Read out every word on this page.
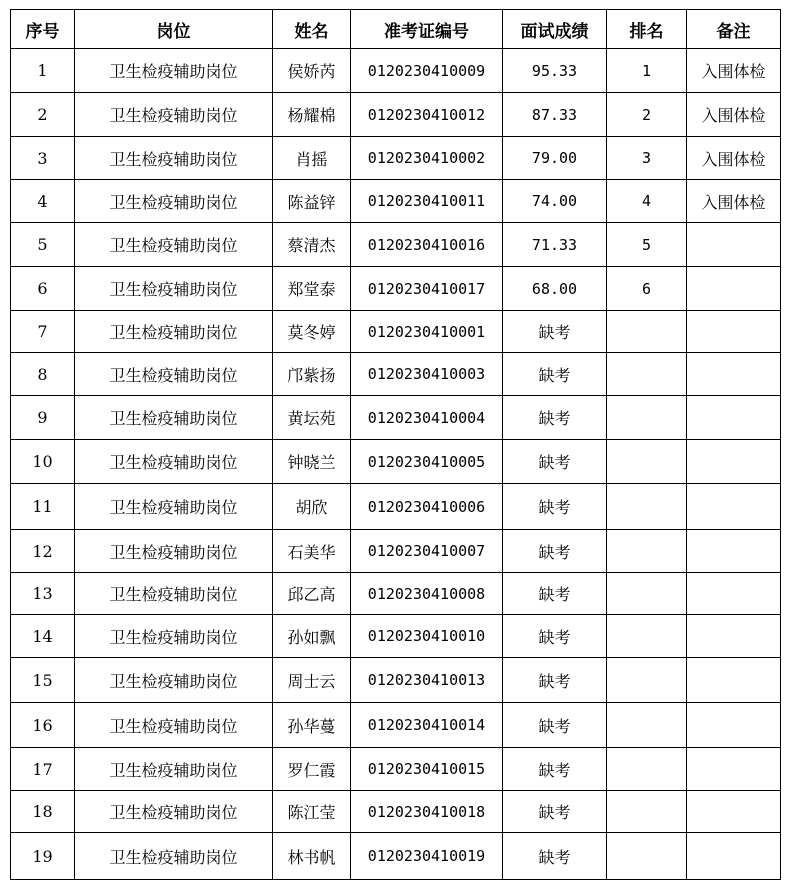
序号	岗位	姓名	准考证编号	面试成绩	排名	备注
1	卫生检疫辅助岗位	侯娇芮	0120230410009	95.33	1	入围体检
2	卫生检疫辅助岗位	杨耀棉	0120230410012	87.33	2	入围体检
3	卫生检疫辅助岗位	肖摇	0120230410002	79.00	3	入围体检
4	卫生检疫辅助岗位	陈益锌	0120230410011	74.00	4	入围体检
5	卫生检疫辅助岗位	蔡清杰	0120230410016	71.33	5	
6	卫生检疫辅助岗位	郑堂泰	0120230410017	68.00	6	
7	卫生检疫辅助岗位	莫冬婷	0120230410001	缺考		
8	卫生检疫辅助岗位	邝紫扬	0120230410003	缺考		
9	卫生检疫辅助岗位	黄坛苑	0120230410004	缺考		
10	卫生检疫辅助岗位	钟晓兰	0120230410005	缺考		
11	卫生检疫辅助岗位	胡欣	0120230410006	缺考		
12	卫生检疫辅助岗位	石美华	0120230410007	缺考		
13	卫生检疫辅助岗位	邱乙高	0120230410008	缺考		
14	卫生检疫辅助岗位	孙如飘	0120230410010	缺考		
15	卫生检疫辅助岗位	周士云	0120230410013	缺考		
16	卫生检疫辅助岗位	孙华蔓	0120230410014	缺考		
17	卫生检疫辅助岗位	罗仁霞	0120230410015	缺考		
18	卫生检疫辅助岗位	陈江莹	0120230410018	缺考		
19	卫生检疫辅助岗位	林书帆	0120230410019	缺考		
